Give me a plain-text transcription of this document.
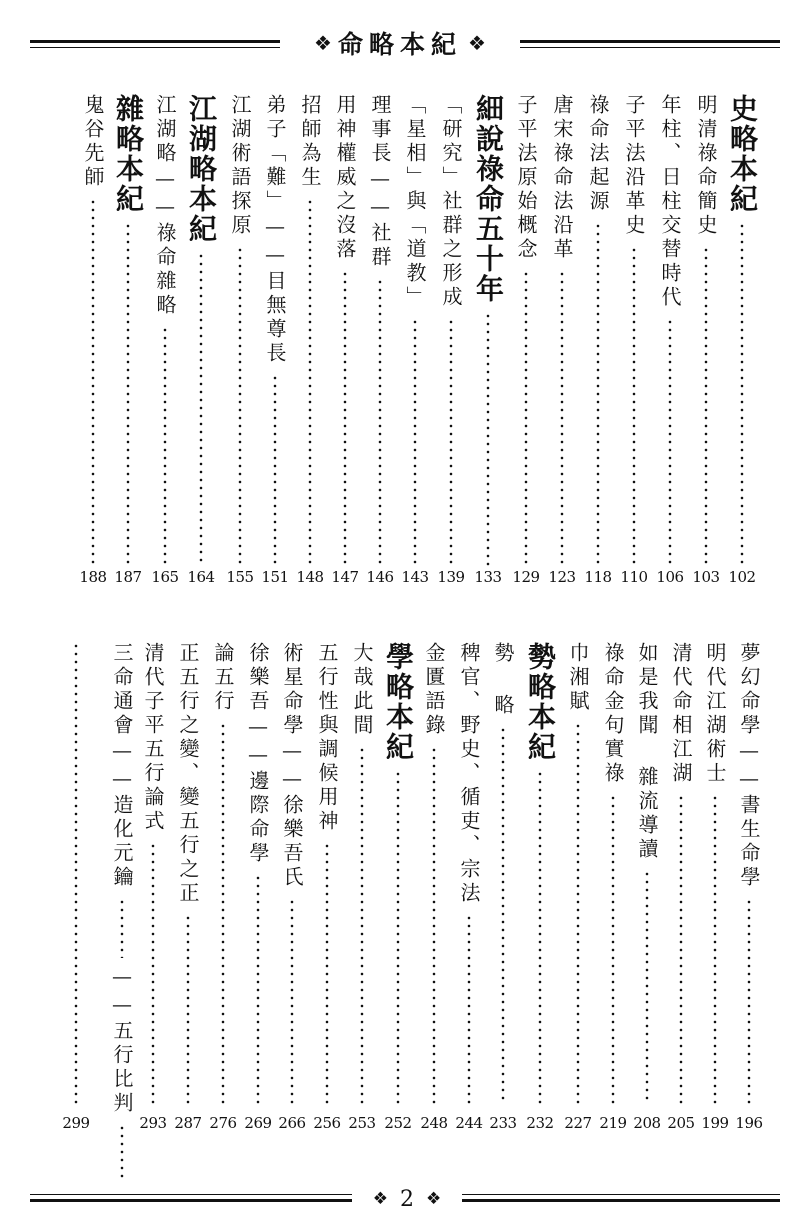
❖ 命略本紀 ❖
史略本紀
102
明清祿命簡史
103
年柱、日柱交替時代
106
子平法沿革史
110
祿命法起源
118
唐宋祿命法沿革
123
子平法原始概念
129
細說祿命五十年
133
「研究」社群之形成
139
「星相」與「道教」
143
理事長——社群
146
用神權威之沒落
147
招師為生
148
弟子「難」——目無尊長
151
江湖術語探原
155
江湖略本紀
164
江湖略——祿命雜略
165
雜略本紀
187
鬼谷先師
188
夢幻命學——書生命學
196
明代江湖術士
199
清代命相江湖
205
如是我聞 雜流導讀
208
祿命金句實祿
219
巾湘賦
227
勢略本紀
232
勢 略
233
稗官、野史、循吏、宗法
244
金匱語錄
248
學略本紀
252
大哉此間
253
五行性與調候用神
256
術星命學——徐樂吾氏
266
徐樂吾——邊際命學
269
論五行
276
正五行之變、變五行之正
287
清代子平五行論式
293
三命通會——造化元鑰
——五行比判
299
❖ 2 ❖
